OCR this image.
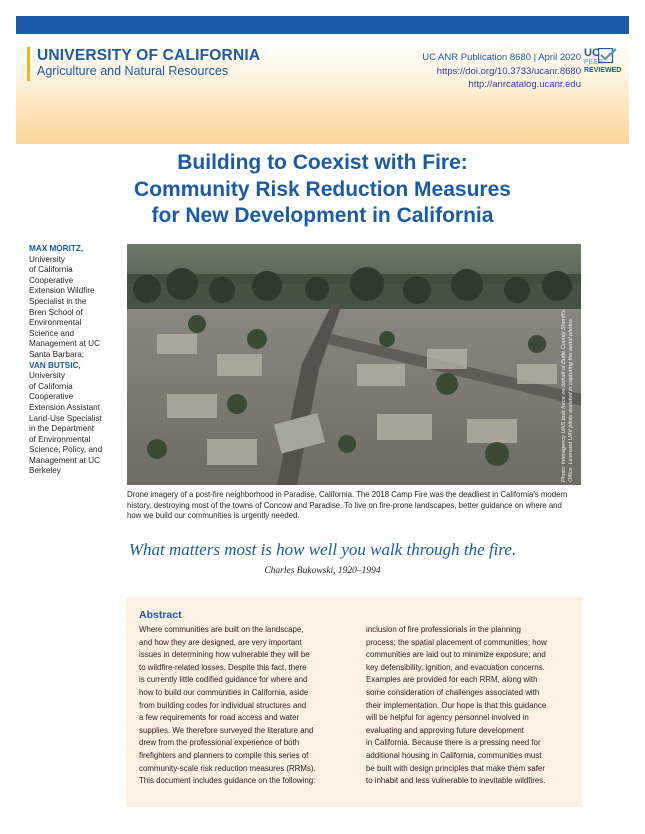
UNIVERSITY OF CALIFORNIA
Agriculture and Natural Resources
UC ANR Publication 8680 | April 2020
https://doi.org/10.3733/ucanr.8680
http://anrcatalog.ucanr.edu
UC
PEER
REVIEWED
Building to Coexist with Fire:
Community Risk Reduction Measures
for New Development in California
MAX MORITZ,
University
of California
Cooperative
Extension Wildfire
Specialist in the
Bren School of
Environmental
Science and
Management at UC
Santa Barbara;
VAN BUTSIC,
University
of California
Cooperative
Extension Assistant
Land-Use Specialist
in the Department
of Environmental
Science, Policy, and
Management at UC
Berkeley	Photo: Interagency UAS task force on behalf of Butte County Sheriff's
Office. Licensed UAV pilots assisted in capturing the aerial photos.
Drone imagery of a post-fire neighborhood in Paradise, California. The 2018 Camp Fire was the deadliest in California's modern
history, destroying most of the towns of Concow and Paradise. To live on fire-prone landscapes, better guidance on where and
how we build our communities is urgently needed.
What matters most is how well you walk through the fire.
Charles Bukowski, 1920–1994
Abstract
Where communities are built on the landscape,
and how they are designed, are very important
issues in determining how vulnerable they will be
to wildfire-related losses. Despite this fact, there
is currently little codified guidance for where and
how to build our communities in California, aside
from building codes for individual structures and
a few requirements for road access and water
supplies. We therefore surveyed the literature and
drew from the professional experience of both
firefighters and planners to compile this series of
community-scale risk reduction measures (RRMs).
This document includes guidance on the following:
inclusion of fire professionals in the planning
process; the spatial placement of communities; how
communities are laid out to minimize exposure; and
key defensibility, ignition, and evacuation concerns.
Examples are provided for each RRM, along with
some consideration of challenges associated with
their implementation. Our hope is that this guidance
will be helpful for agency personnel involved in
evaluating and approving future development
in California. Because there is a pressing need for
additional housing in California, communities must
be built with design principles that make them safer
to inhabit and less vulnerable to inevitable wildfires.
